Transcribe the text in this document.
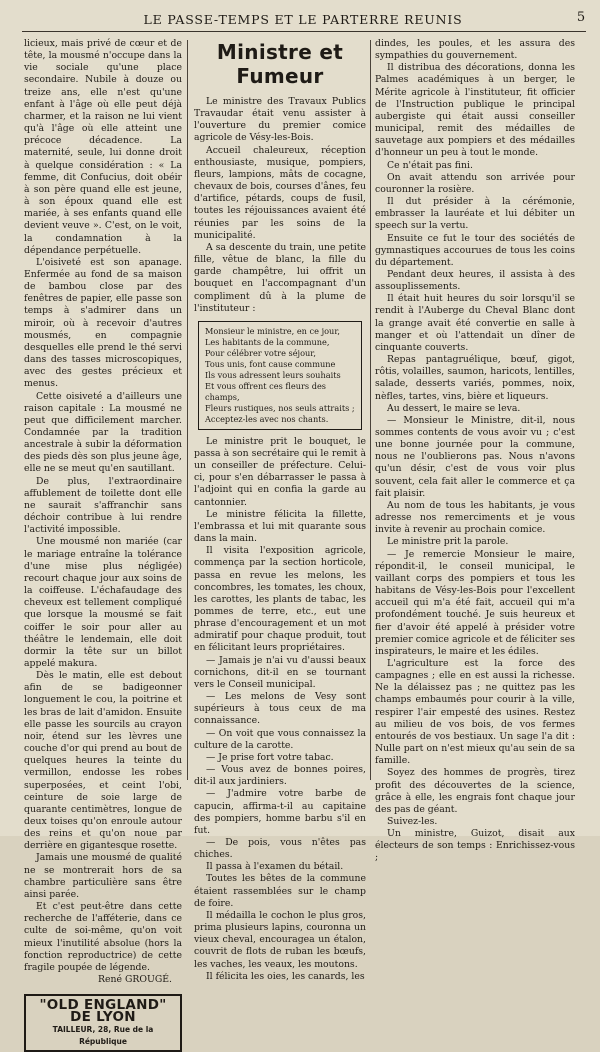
LE PASSE-TEMPS ET LE PARTERRE REUNIS	5

licieux, mais privé de cœur et de tête, la mousmé n'occupe dans la vie sociale qu'une place secondaire. Nubile à douze ou treize ans, elle n'est qu'une enfant à l'âge où elle peut déjà charmer, et la raison ne lui vient qu'à l'âge où elle atteint une précoce décadence. La maternité, seule, lui donne droit à quelque considération : « La femme, dit Confucius, doit obéir à son père quand elle est jeune, à son époux quand elle est mariée, à ses enfants quand elle devient veuve ». C'est, on le voit, la condamnation à la dépendance perpétuelle.

L'oisiveté est son apanage. Enfermée au fond de sa maison de bambou close par des fenêtres de papier, elle passe son temps à s'admirer dans un miroir, où à recevoir d'autres mousmés, en compagnie desquelles elle prend le thé servi dans des tasses microscopiques, avec des gestes précieux et menus.

Cette oisiveté a d'ailleurs une raison capitale : La mousmé ne peut que difficilement marcher. Condamnée par la tradition ancestrale à subir la déformation des pieds dès son plus jeune âge, elle ne se meut qu'en sautillant.

De plus, l'extraordinaire affublement de toilette dont elle ne saurait s'affranchir sans déchoir contribue à lui rendre l'activité impossible.

Une mousmé non mariée (car le mariage entraîne la tolérance d'une mise plus négligée) recourt chaque jour aux soins de la coiffeuse. L'échafaudage des cheveux est tellement compliqué que lorsque la mousmé se fait coiffer le soir pour aller au théâtre le lendemain, elle doit dormir la tête sur un billot appelé makura.

Dès le matin, elle est debout afin de se badigeonner longuement le cou, la poitrine et les bras de lait d'amidon. Ensuite elle passe les sourcils au crayon noir, étend sur les lèvres une couche d'or qui prend au bout de quelques heures la teinte du vermillon, endosse les robes superposées, et ceint l'obi, ceinture de soie large de quarante centimètres, longue de deux toises qu'on enroule autour des reins et qu'on noue par derrière en gigantesque rosette.

Jamais une mousmé de qualité ne se montrerait hors de sa chambre particulière sans être ainsi parée.

Et c'est peut-être dans cette recherche de l'afféterie, dans ce culte de soi-même, qu'on voit mieux l'inutilité absolue (hors la fonction reproductrice) de cette fragile poupée de légende.

René GROUGÉ.

"OLD ENGLAND" DE LYON
TAILLEUR, 28, Rue de la République
Ministre et Fumeur

Le ministre des Travaux Publics Travaudar était venu assister à l'ouverture du premier comice agricole de Vésy-les-Bois.

Accueil chaleureux, réception enthousiaste, musique, pompiers, fleurs, lampions, mâts de cocagne, chevaux de bois, courses d'ânes, feu d'artifice, pétards, coups de fusil, toutes les réjouissances avaient été réunies par les soins de la municipalité.

A sa descente du train, une petite fille, vêtue de blanc, la fille du garde champêtre, lui offrit un bouquet en l'accompagnant d'un compliment dû à la plume de l'instituteur :

Monsieur le ministre, en ce jour,
Les habitants de la commune,
Pour célébrer votre séjour,
Tous unis, font cause commune
Ils vous adressent leurs souhaits
Et vous offrent ces fleurs des champs,
Fleurs rustiques, nos seuls attraits ;
Acceptez-les avec nos chants.

Le ministre prit le bouquet, le passa à son secrétaire qui le remit à un conseiller de préfecture. Celui-ci, pour s'en débarrasser le passa à l'adjoint qui en confia la garde au cantonnier.

Le ministre félicita la fillette, l'embrassa et lui mit quarante sous dans la main.

Il visita l'exposition agricole, commença par la section horticole, passa en revue les melons, les concombres, les tomates, les choux, les carottes, les plants de tabac, les pommes de terre, etc., eut une phrase d'encouragement et un mot admiratif pour chaque produit, tout en félicitant leurs propriétaires.

— Jamais je n'ai vu d'aussi beaux cornichons, dit-il en se tournant vers le Conseil municipal.

— Les melons de Vesy sont supérieurs à tous ceux de ma connaissance.

— On voit que vous connaissez la culture de la carotte.

— Je prise fort votre tabac.

— Vous avez de bonnes poires, dit-il aux jardiniers.

— J'admire votre barbe de capucin, affirma-t-il au capitaine des pompiers, homme barbu s'il en fut.

— De pois, vous n'êtes pas chiches.

Il passa à l'examen du bétail.

Toutes les bêtes de la commune étaient rassemblées sur le champ de foire.

Il médailla le cochon le plus gros, prima plusieurs lapins, couronna un vieux cheval, encouragea un étalon, couvrit de flots de ruban les bœufs, les vaches, les veaux, les moutons.

Il félicita les oies, les canards, les

dindes, les poules, et les assura des sympathies du gouvernement.

Il distribua des décorations, donna les Palmes académiques à un berger, le Mérite agricole à l'instituteur, fit officier de l'Instruction publique le principal aubergiste qui était aussi conseiller municipal, remit des médailles de sauvetage aux pompiers et des médailles d'honneur un peu à tout le monde.

Ce n'était pas fini.

On avait attendu son arrivée pour couronner la rosière.

Il dut présider à la cérémonie, embrasser la lauréate et lui débiter un speech sur la vertu.

Ensuite ce fut le tour des sociétés de gymnastiques accourues de tous les coins du département.

Pendant deux heures, il assista à des assouplissements.

Il était huit heures du soir lorsqu'il se rendit à l'Auberge du Cheval Blanc dont la grange avait été convertie en salle à manger et où l'attendait un dîner de cinquante couverts.

Repas pantagruélique, bœuf, gigot, rôtis, volailles, saumon, haricots, lentilles, salade, desserts variés, pommes, noix, nèfles, tartes, vins, bière et liqueurs.

Au dessert, le maire se leva.

— Monsieur le Ministre, dit-il, nous sommes contents de vous avoir vu ; c'est une bonne journée pour la commune, nous ne l'oublierons pas. Nous n'avons qu'un désir, c'est de vous voir plus souvent, cela fait aller le commerce et ça fait plaisir.

Au nom de tous les habitants, je vous adresse nos remerciments et je vous invite à revenir au prochain comice.

Le ministre prit la parole.

— Je remercie Monsieur le maire, répondit-il, le conseil municipal, le vaillant corps des pompiers et tous les habitans de Vésy-les-Bois pour l'excellent accueil qui m'a été fait, accueil qui m'a profondément touché. Je suis heureux et fier d'avoir été appelé à présider votre premier comice agricole et de féliciter ses inspirateurs, le maire et les édiles.

L'agriculture est la force des campagnes ; elle en est aussi la richesse. Ne la délaissez pas ; ne quittez pas les champs embaumés pour courir à la ville, respirer l'air empesté des usines. Restez au milieu de vos bois, de vos fermes entourés de vos bestiaux. Un sage l'a dit : Nulle part on n'est mieux qu'au sein de sa famille.

Soyez des hommes de progrès, tirez profit des découvertes de la science, grâce à elle, les engrais font chaque jour des pas de géant.

Suivez-les.

Un ministre, Guizot, disait aux électeurs de son temps : Enrichissez-vous ;
